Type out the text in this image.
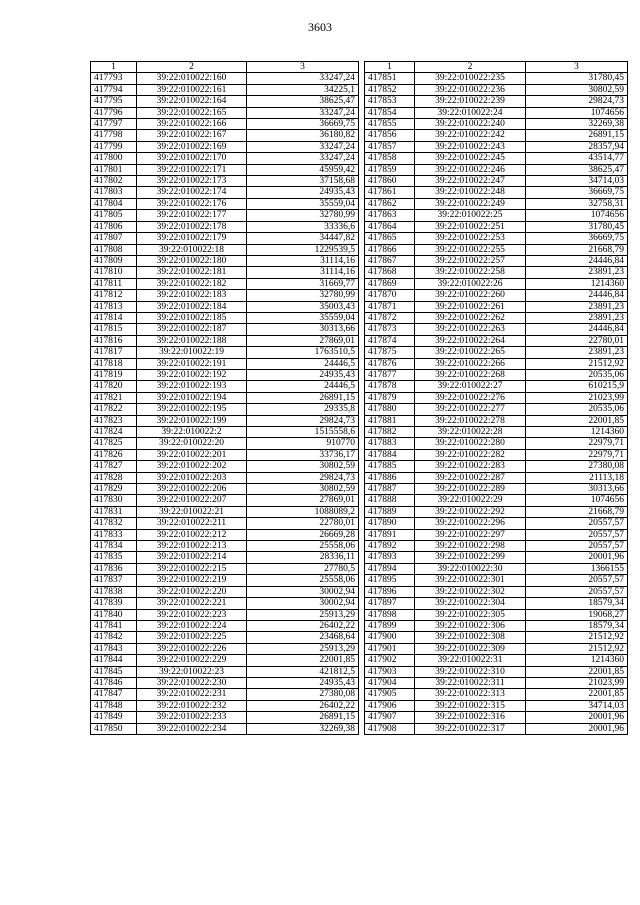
3603
1	2	3
417793	39:22:010022:160	33247,24
417794	39:22:010022:161	34225,1
417795	39:22:010022:164	38625,47
417796	39:22:010022:165	33247,24
417797	39:22:010022:166	36669,75
417798	39:22:010022:167	36180,82
417799	39:22:010022:169	33247,24
417800	39:22:010022:170	33247,24
417801	39:22:010022:171	45959,42
417802	39:22:010022:173	37158,68
417803	39:22:010022:174	24935,43
417804	39:22:010022:176	35559,04
417805	39:22:010022:177	32780,99
417806	39:22:010022:178	33336,6
417807	39:22:010022:179	34447,82
417808	39:22:010022:18	1229539,5
417809	39:22:010022:180	31114,16
417810	39:22:010022:181	31114,16
417811	39:22:010022:182	31669,77
417812	39:22:010022:183	32780,99
417813	39:22:010022:184	35003,43
417814	39:22:010022:185	35559,04
417815	39:22:010022:187	30313,66
417816	39:22:010022:188	27869,01
417817	39:22:010022:19	1763510,5
417818	39:22:010022:191	24446,5
417819	39:22:010022:192	24935,43
417820	39:22:010022:193	24446,5
417821	39:22:010022:194	26891,15
417822	39:22:010022:195	29335,8
417823	39:22:010022:199	29824,73
417824	39:22:010022:2	1515558,6
417825	39:22:010022:20	910770
417826	39:22:010022:201	33736,17
417827	39:22:010022:202	30802,59
417828	39:22:010022:203	29824,73
417829	39:22:010022:206	30802,59
417830	39:22:010022:207	27869,01
417831	39:22:010022:21	1088089,2
417832	39:22:010022:211	22780,01
417833	39:22:010022:212	26669,28
417834	39:22:010022:213	25558,06
417835	39:22:010022:214	28336,11
417836	39:22:010022:215	27780,5
417837	39:22:010022:219	25558,06
417838	39:22:010022:220	30002,94
417839	39:22:010022:221	30002,94
417840	39:22:010022:223	25913,29
417841	39:22:010022:224	26402,22
417842	39:22:010022:225	23468,64
417843	39:22:010022:226	25913,29
417844	39:22:010022:229	22001,85
417845	39:22:010022:23	421812,5
417846	39:22:010022:230	24935,43
417847	39:22:010022:231	27380,08
417848	39:22:010022:232	26402,22
417849	39:22:010022:233	26891,15
417850	39:22:010022:234	32269,38
1	2	3
417851	39:22:010022:235	31780,45
417852	39:22:010022:236	30802,59
417853	39:22:010022:239	29824,73
417854	39:22:010022:24	1074656
417855	39:22:010022:240	32269,38
417856	39:22:010022:242	26891,15
417857	39:22:010022:243	28357,94
417858	39:22:010022:245	43514,77
417859	39:22:010022:246	38625,47
417860	39:22:010022:247	34714,03
417861	39:22:010022:248	36669,75
417862	39:22:010022:249	32758,31
417863	39:22:010022:25	1074656
417864	39:22:010022:251	31780,45
417865	39:22:010022:253	36669,75
417866	39:22:010022:255	21668,79
417867	39:22:010022:257	24446,84
417868	39:22:010022:258	23891,23
417869	39:22:010022:26	1214360
417870	39:22:010022:260	24446,84
417871	39:22:010022:261	23891,23
417872	39:22:010022:262	23891,23
417873	39:22:010022:263	24446,84
417874	39:22:010022:264	22780,01
417875	39:22:010022:265	23891,23
417876	39:22:010022:266	21512,92
417877	39:22:010022:268	20535,06
417878	39:22:010022:27	610215,9
417879	39:22:010022:276	21023,99
417880	39:22:010022:277	20535,06
417881	39:22:010022:278	22001,85
417882	39:22:010022:28	1214360
417883	39:22:010022:280	22979,71
417884	39:22:010022:282	22979,71
417885	39:22:010022:283	27380,08
417886	39:22:010022:287	21113,18
417887	39:22:010022:289	30313,66
417888	39:22:010022:29	1074656
417889	39:22:010022:292	21668,79
417890	39:22:010022:296	20557,57
417891	39:22:010022:297	20557,57
417892	39:22:010022:298	20557,57
417893	39:22:010022:299	20001,96
417894	39:22:010022:30	1366155
417895	39:22:010022:301	20557,57
417896	39:22:010022:302	20557,57
417897	39:22:010022:304	18579,34
417898	39:22:010022:305	19068,27
417899	39:22:010022:306	18579,34
417900	39:22:010022:308	21512,92
417901	39:22:010022:309	21512,92
417902	39:22:010022:31	1214360
417903	39:22:010022:310	22001,85
417904	39:22:010022:311	21023,99
417905	39:22:010022:313	22001,85
417906	39:22:010022:315	34714,03
417907	39:22:010022:316	20001,96
417908	39:22:010022:317	20001,96
